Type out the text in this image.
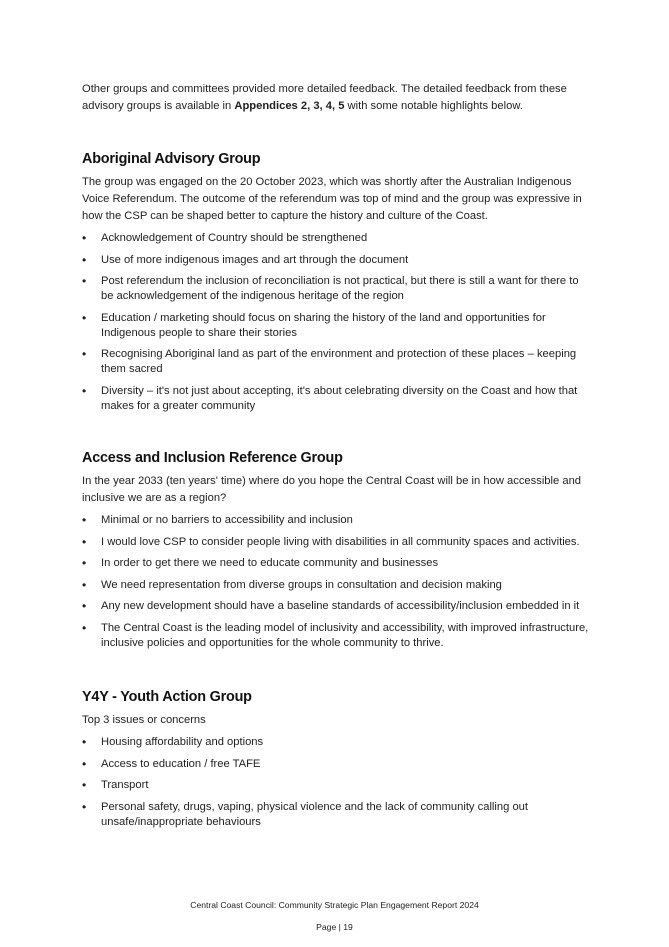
Other groups and committees provided more detailed feedback. The detailed feedback from these advisory groups is available in Appendices 2, 3, 4, 5 with some notable highlights below.

Aboriginal Advisory Group

The group was engaged on the 20 October 2023, which was shortly after the Australian Indigenous Voice Referendum. The outcome of the referendum was top of mind and the group was expressive in how the CSP can be shaped better to capture the history and culture of the Coast.

• Acknowledgement of Country should be strengthened
• Use of more indigenous images and art through the document
• Post referendum the inclusion of reconciliation is not practical, but there is still a want for there to be acknowledgement of the indigenous heritage of the region
• Education / marketing should focus on sharing the history of the land and opportunities for Indigenous people to share their stories
• Recognising Aboriginal land as part of the environment and protection of these places – keeping them sacred
• Diversity – it's not just about accepting, it's about celebrating diversity on the Coast and how that makes for a greater community
Access and Inclusion Reference Group

In the year 2033 (ten years' time) where do you hope the Central Coast will be in how accessible and inclusive we are as a region?

• Minimal or no barriers to accessibility and inclusion
• I would love CSP to consider people living with disabilities in all community spaces and activities.
• In order to get there we need to educate community and businesses
• We need representation from diverse groups in consultation and decision making
• Any new development should have a baseline standards of accessibility/inclusion embedded in it
• The Central Coast is the leading model of inclusivity and accessibility, with improved infrastructure, inclusive policies and opportunities for the whole community to thrive.
Y4Y - Youth Action Group

Top 3 issues or concerns

• Housing affordability and options
• Access to education / free TAFE
• Transport
• Personal safety, drugs, vaping, physical violence and the lack of community calling out unsafe/inappropriate behaviours
Central Coast Council: Community Strategic Plan Engagement Report 2024
Page | 19
